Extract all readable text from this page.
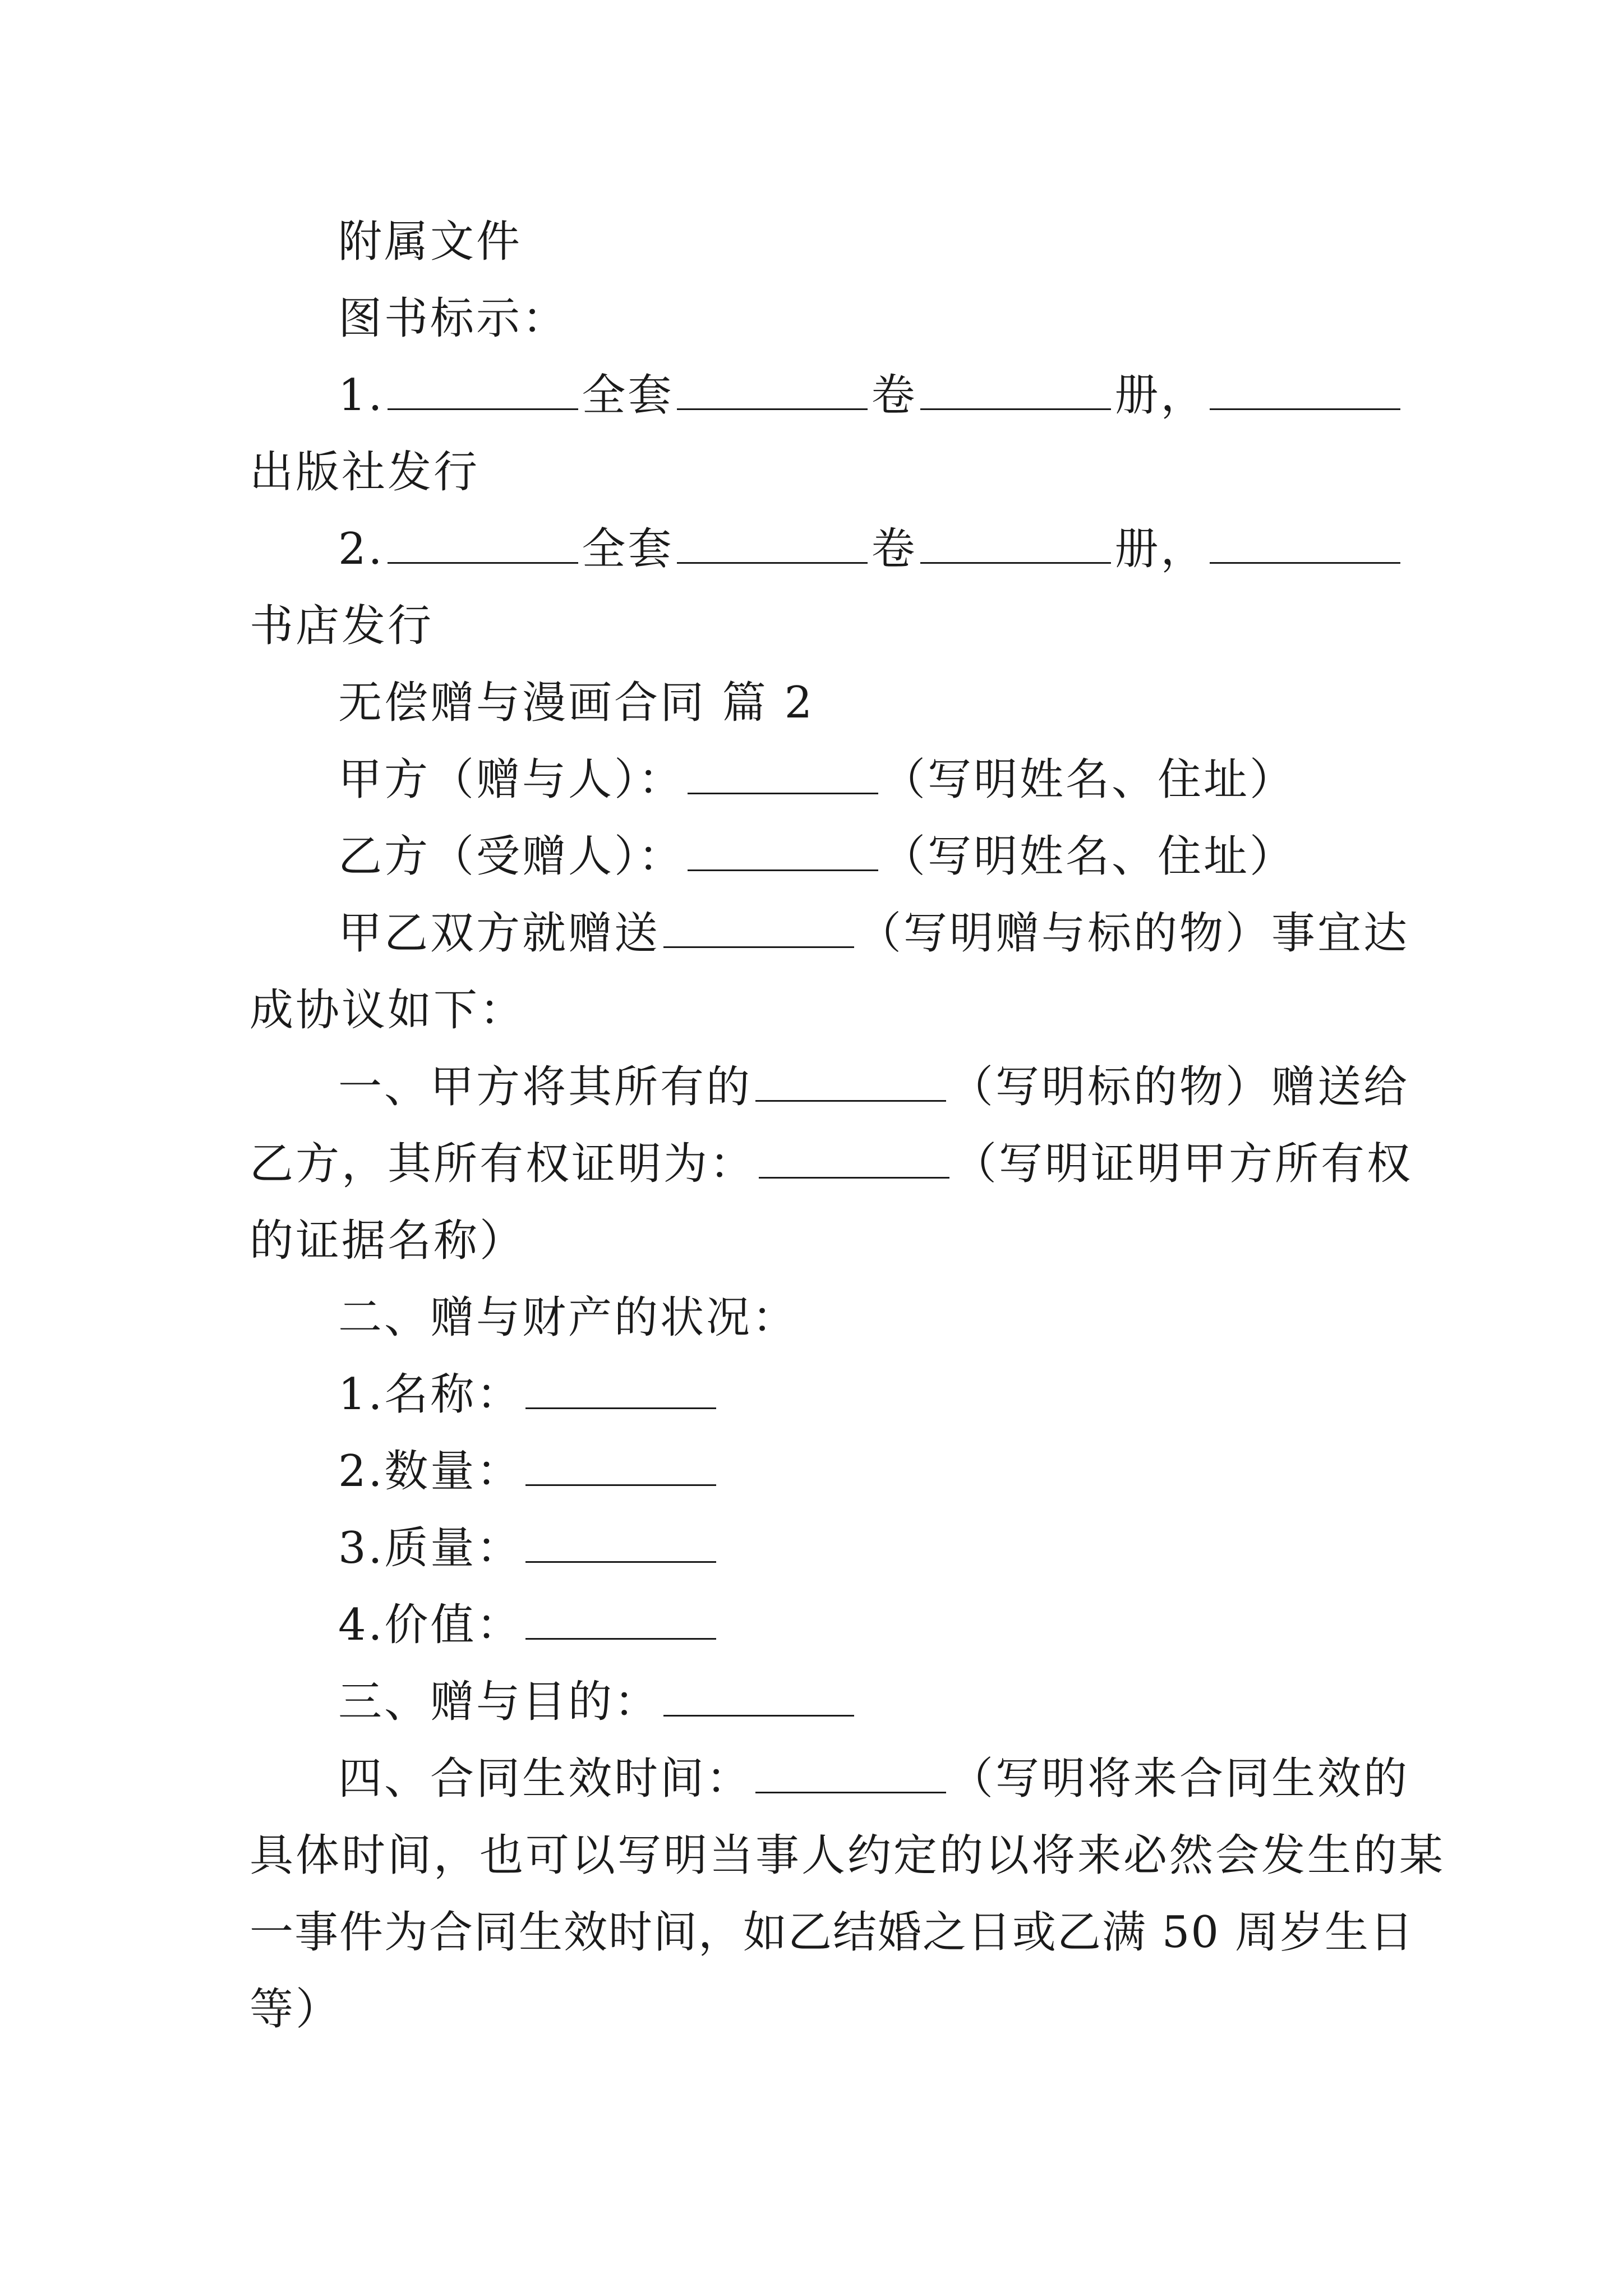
附属文件
图书标示：
1.	全套	卷	册，
出版社发行
2.	全套	卷	册，
书店发行
无偿赠与漫画合同 篇 2
甲方（赠与人）：	（写明姓名、住址）
乙方（受赠人）：	（写明姓名、住址）
甲乙双方就赠送	（写明赠与标的物）事宜达
成协议如下：
一、甲方将其所有的	（写明标的物）赠送给
乙方，其所有权证明为：	（写明证明甲方所有权
的证据名称）
二、赠与财产的状况：
1.名称：
2.数量：
3.质量：
4.价值：
三、赠与目的：
四、合同生效时间：	（写明将来合同生效的
具体时间，也可以写明当事人约定的以将来必然会发生的某
一事件为合同生效时间，如乙结婚之日或乙满 50 周岁生日
等）
